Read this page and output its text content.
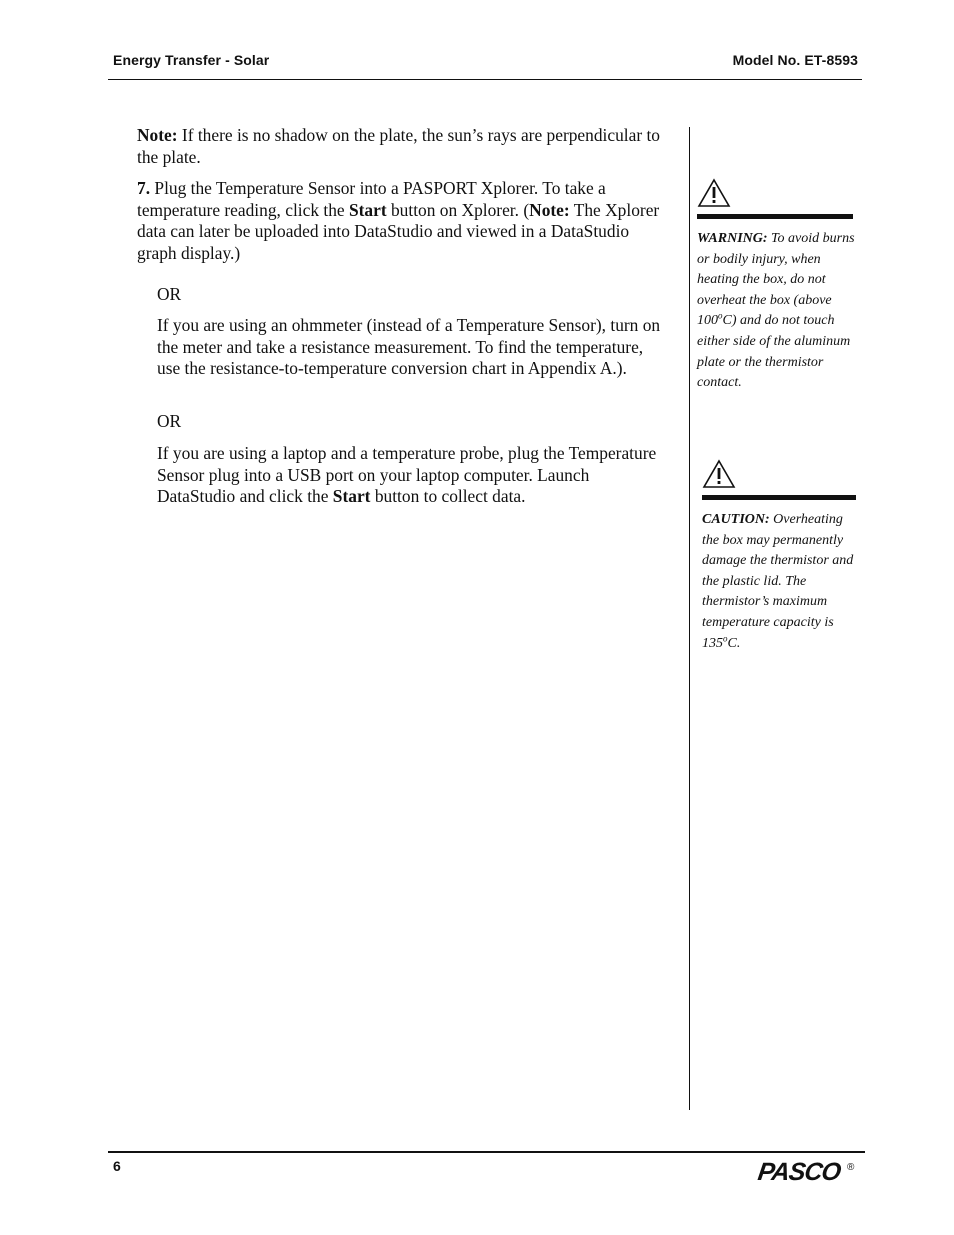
Energy Transfer - Solar	Model No. ET-8593
Note: If there is no shadow on the plate, the sun’s rays are perpendicular to the plate.
7. Plug the Temperature Sensor into a PASPORT Xplorer. To take a temperature reading, click the Start button on Xplorer. (Note: The Xplorer data can later be uploaded into DataStudio and viewed in a DataStudio graph display.)
OR
If you are using an ohmmeter (instead of a Temperature Sensor), turn on the meter and take a resistance measurement. To find the temperature, use the resistance-to-temperature conversion chart in Appendix A.).
OR
If you are using a laptop and a temperature probe, plug the Temperature Sensor plug into a USB port on your laptop computer. Launch DataStudio and click the Start button to collect data.
WARNING: To avoid burns or bodily injury, when heating the box, do not overheat the box (above 100$^o$C) and do not touch either side of the aluminum plate or the thermistor contact.
CAUTION: Overheating the box may permanently damage the thermistor and the plastic lid. The thermistor’s maximum temperature capacity is 135$^o$C.
6	PASCO ®
